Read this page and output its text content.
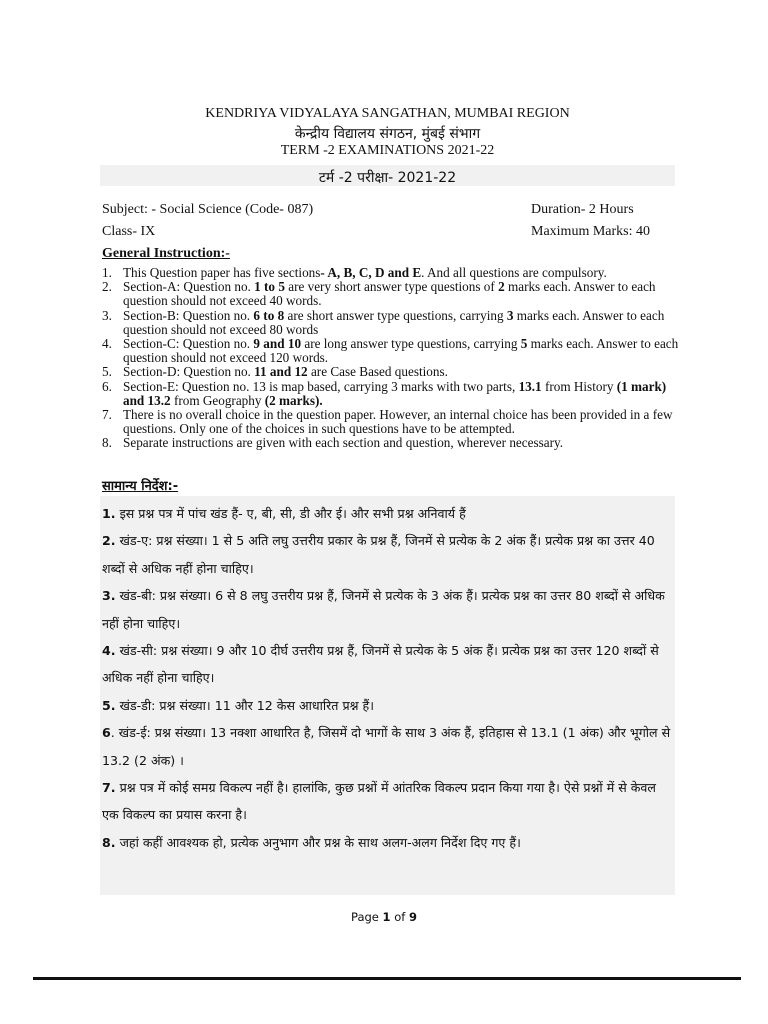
KENDRIYA VIDYALAYA SANGATHAN, MUMBAI REGION
केन्द्रीय विद्यालय संगठन, मुंबई संभाग
TERM -2 EXAMINATIONS 2021-22
टर्म -2 परीक्षा- 2021-22
Subject: - Social Science (Code- 087)	Duration- 2 Hours
Class- IX	Maximum Marks: 40
General Instruction:-
1. This Question paper has five sections- A, B, C, D and E. And all questions are compulsory.
2. Section-A: Question no. 1 to 5 are very short answer type questions of 2 marks each. Answer to each question should not exceed 40 words.
3. Section-B: Question no. 6 to 8 are short answer type questions, carrying 3 marks each. Answer to each question should not exceed 80 words
4. Section-C: Question no. 9 and 10 are long answer type questions, carrying 5 marks each. Answer to each question should not exceed 120 words.
5. Section-D: Question no. 11 and 12 are Case Based questions.
6. Section-E: Question no. 13 is map based, carrying 3 marks with two parts, 13.1 from History (1 mark) and 13.2 from Geography (2 marks).
7. There is no overall choice in the question paper. However, an internal choice has been provided in a few questions. Only one of the choices in such questions have to be attempted.
8. Separate instructions are given with each section and question, wherever necessary.
सामान्य निर्देश:-

1. इस प्रश्न पत्र में पांच खंड हैं- ए, बी, सी, डी और ई। और सभी प्रश्न अनिवार्य हैं

2. खंड-ए: प्रश्न संख्या। 1 से 5 अति लघु उत्तरीय प्रकार के प्रश्न हैं, जिनमें से प्रत्येक के 2 अंक हैं। प्रत्येक प्रश्न का उत्तर 40 शब्दों से अधिक नहीं होना चाहिए।

3. खंड-बी: प्रश्न संख्या। 6 से 8 लघु उत्तरीय प्रश्न हैं, जिनमें से प्रत्येक के 3 अंक हैं। प्रत्येक प्रश्न का उत्तर 80 शब्दों से अधिक नहीं होना चाहिए।

4. खंड-सी: प्रश्न संख्या। 9 और 10 दीर्घ उत्तरीय प्रश्न हैं, जिनमें से प्रत्येक के 5 अंक हैं। प्रत्येक प्रश्न का उत्तर 120 शब्दों से अधिक नहीं होना चाहिए।

5. खंड-डी: प्रश्न संख्या। 11 और 12 केस आधारित प्रश्न हैं।

6. खंड-ई: प्रश्न संख्या। 13 नक्शा आधारित है, जिसमें दो भागों के साथ 3 अंक हैं, इतिहास से 13.1 (1 अंक) और भूगोल से 13.2 (2 अंक) ।

7. प्रश्न पत्र में कोई समग्र विकल्प नहीं है। हालांकि, कुछ प्रश्नों में आंतरिक विकल्प प्रदान किया गया है। ऐसे प्रश्नों में से केवल एक विकल्प का प्रयास करना है।

8. जहां कहीं आवश्यक हो, प्रत्येक अनुभाग और प्रश्न के साथ अलग-अलग निर्देश दिए गए हैं।

Page 1 of 9
